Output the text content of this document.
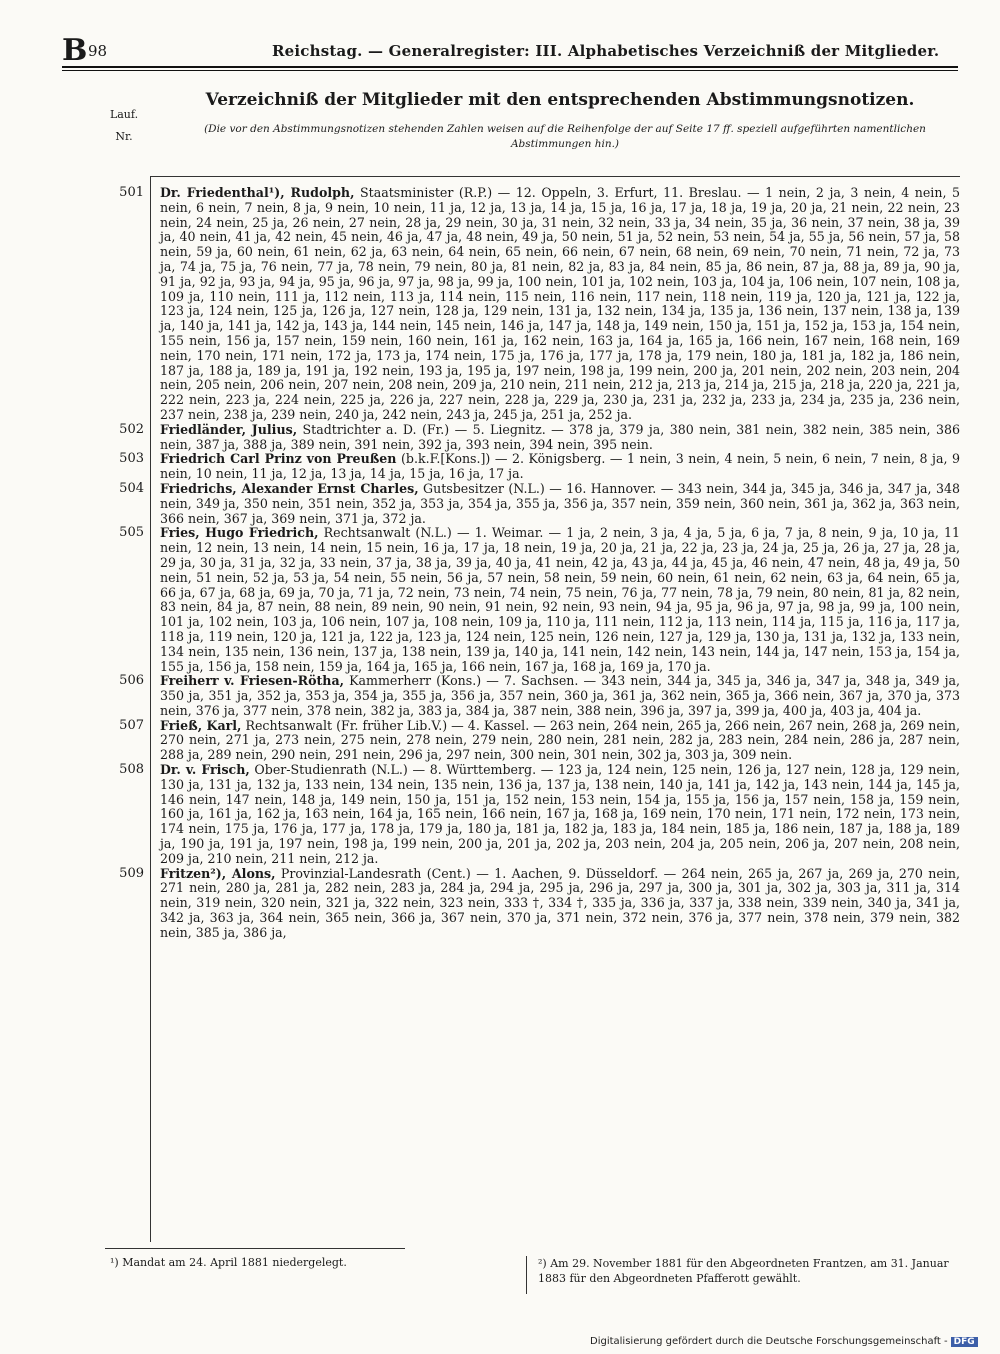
B 98	Reichstag. — Generalregister: III. Alphabetisches Verzeichniß der Mitglieder.
Lauf.
Nr.
Verzeichniß der Mitglieder mit den entsprechenden Abstimmungsnotizen.
(Die vor den Abstimmungsnotizen stehenden Zahlen weisen auf die Reihenfolge der auf Seite 17 ff. speziell aufgeführten namentlichen Abstimmungen hin.)
501 Dr. Friedenthal¹), Rudolph, Staatsminister (R.P.) — 12. Oppeln, 3. Erfurt, 11. Breslau. — 1 nein, 2 ja, 3 nein, 4 nein, 5 nein, 6 nein, 7 nein, 8 ja, 9 nein, 10 nein, 11 ja, 12 ja, 13 ja, 14 ja, 15 ja, 16 ja, 17 ja, 18 ja, 19 ja, 20 ja, 21 nein, 22 nein, 23 nein, 24 nein, 25 ja, 26 nein, 27 nein, 28 ja, 29 nein, 30 ja, 31 nein, 32 nein, 33 ja, 34 nein, 35 ja, 36 nein, 37 nein, 38 ja, 39 ja, 40 nein, 41 ja, 42 nein, 45 nein, 46 ja, 47 ja, 48 nein, 49 ja, 50 nein, 51 ja, 52 nein, 53 nein, 54 ja, 55 ja, 56 nein, 57 ja, 58 nein, 59 ja, 60 nein, 61 nein, 62 ja, 63 nein, 64 nein, 65 nein, 66 nein, 67 nein, 68 nein, 69 nein, 70 nein, 71 nein, 72 ja, 73 ja, 74 ja, 75 ja, 76 nein, 77 ja, 78 nein, 79 nein, 80 ja, 81 nein, 82 ja, 83 ja, 84 nein, 85 ja, 86 nein, 87 ja, 88 ja, 89 ja, 90 ja, 91 ja, 92 ja, 93 ja, 94 ja, 95 ja, 96 ja, 97 ja, 98 ja, 99 ja, 100 nein, 101 ja, 102 nein, 103 ja, 104 ja, 106 nein, 107 nein, 108 ja, 109 ja, 110 nein, 111 ja, 112 nein, 113 ja, 114 nein, 115 nein, 116 nein, 117 nein, 118 nein, 119 ja, 120 ja, 121 ja, 122 ja, 123 ja, 124 nein, 125 ja, 126 ja, 127 nein, 128 ja, 129 nein, 131 ja, 132 nein, 134 ja, 135 ja, 136 nein, 137 nein, 138 ja, 139 ja, 140 ja, 141 ja, 142 ja, 143 ja, 144 nein, 145 nein, 146 ja, 147 ja, 148 ja, 149 nein, 150 ja, 151 ja, 152 ja, 153 ja, 154 nein, 155 nein, 156 ja, 157 nein, 159 nein, 160 nein, 161 ja, 162 nein, 163 ja, 164 ja, 165 ja, 166 nein, 167 nein, 168 nein, 169 nein, 170 nein, 171 nein, 172 ja, 173 ja, 174 nein, 175 ja, 176 ja, 177 ja, 178 ja, 179 nein, 180 ja, 181 ja, 182 ja, 186 nein, 187 ja, 188 ja, 189 ja, 191 ja, 192 nein, 193 ja, 195 ja, 197 nein, 198 ja, 199 nein, 200 ja, 201 nein, 202 nein, 203 nein, 204 nein, 205 nein, 206 nein, 207 nein, 208 nein, 209 ja, 210 nein, 211 nein, 212 ja, 213 ja, 214 ja, 215 ja, 218 ja, 220 ja, 221 ja, 222 nein, 223 ja, 224 nein, 225 ja, 226 ja, 227 nein, 228 ja, 229 ja, 230 ja, 231 ja, 232 ja, 233 ja, 234 ja, 235 ja, 236 nein, 237 nein, 238 ja, 239 nein, 240 ja, 242 nein, 243 ja, 245 ja, 251 ja, 252 ja.
502 Friedländer, Julius, Stadtrichter a. D. (Fr.) — 5. Liegnitz. — 378 ja, 379 ja, 380 nein, 381 nein, 382 nein, 385 nein, 386 nein, 387 ja, 388 ja, 389 nein, 391 nein, 392 ja, 393 nein, 394 nein, 395 nein.
503 Friedrich Carl Prinz von Preußen (b.k.F.[Kons.]) — 2. Königsberg. — 1 nein, 3 nein, 4 nein, 5 nein, 6 nein, 7 nein, 8 ja, 9 nein, 10 nein, 11 ja, 12 ja, 13 ja, 14 ja, 15 ja, 16 ja, 17 ja.
504 Friedrichs, Alexander Ernst Charles, Gutsbesitzer (N.L.) — 16. Hannover. — 343 nein, 344 ja, 345 ja, 346 ja, 347 ja, 348 nein, 349 ja, 350 nein, 351 nein, 352 ja, 353 ja, 354 ja, 355 ja, 356 ja, 357 nein, 359 nein, 360 nein, 361 ja, 362 ja, 363 nein, 366 nein, 367 ja, 369 nein, 371 ja, 372 ja.
505 Fries, Hugo Friedrich, Rechtsanwalt (N.L.) — 1. Weimar. — 1 ja, 2 nein, 3 ja, 4 ja, 5 ja, 6 ja, 7 ja, 8 nein, 9 ja, 10 ja, 11 nein, 12 nein, 13 nein, 14 nein, 15 nein, 16 ja, 17 ja, 18 nein, 19 ja, 20 ja, 21 ja, 22 ja, 23 ja, 24 ja, 25 ja, 26 ja, 27 ja, 28 ja, 29 ja, 30 ja, 31 ja, 32 ja, 33 nein, 37 ja, 38 ja, 39 ja, 40 ja, 41 nein, 42 ja, 43 ja, 44 ja, 45 ja, 46 nein, 47 nein, 48 ja, 49 ja, 50 nein, 51 nein, 52 ja, 53 ja, 54 nein, 55 nein, 56 ja, 57 nein, 58 nein, 59 nein, 60 nein, 61 nein, 62 nein, 63 ja, 64 nein, 65 ja, 66 ja, 67 ja, 68 ja, 69 ja, 70 ja, 71 ja, 72 nein, 73 nein, 74 nein, 75 nein, 76 ja, 77 nein, 78 ja, 79 nein, 80 nein, 81 ja, 82 nein, 83 nein, 84 ja, 87 nein, 88 nein, 89 nein, 90 nein, 91 nein, 92 nein, 93 nein, 94 ja, 95 ja, 96 ja, 97 ja, 98 ja, 99 ja, 100 nein, 101 ja, 102 nein, 103 ja, 106 nein, 107 ja, 108 nein, 109 ja, 110 ja, 111 nein, 112 ja, 113 nein, 114 ja, 115 ja, 116 ja, 117 ja, 118 ja, 119 nein, 120 ja, 121 ja, 122 ja, 123 ja, 124 nein, 125 nein, 126 nein, 127 ja, 129 ja, 130 ja, 131 ja, 132 ja, 133 nein, 134 nein, 135 nein, 136 nein, 137 ja, 138 nein, 139 ja, 140 ja, 141 nein, 142 nein, 143 nein, 144 ja, 147 nein, 153 ja, 154 ja, 155 ja, 156 ja, 158 nein, 159 ja, 164 ja, 165 ja, 166 nein, 167 ja, 168 ja, 169 ja, 170 ja.
506 Freiherr v. Friesen-Rötha, Kammerherr (Kons.) — 7. Sachsen. — 343 nein, 344 ja, 345 ja, 346 ja, 347 ja, 348 ja, 349 ja, 350 ja, 351 ja, 352 ja, 353 ja, 354 ja, 355 ja, 356 ja, 357 nein, 360 ja, 361 ja, 362 nein, 365 ja, 366 nein, 367 ja, 370 ja, 373 nein, 376 ja, 377 nein, 378 nein, 382 ja, 383 ja, 384 ja, 387 nein, 388 nein, 396 ja, 397 ja, 399 ja, 400 ja, 403 ja, 404 ja.
507 Frieß, Karl, Rechtsanwalt (Fr. früher Lib.V.) — 4. Kassel. — 263 nein, 264 nein, 265 ja, 266 nein, 267 nein, 268 ja, 269 nein, 270 nein, 271 ja, 273 nein, 275 nein, 278 nein, 279 nein, 280 nein, 281 nein, 282 ja, 283 nein, 284 nein, 286 ja, 287 nein, 288 ja, 289 nein, 290 nein, 291 nein, 296 ja, 297 nein, 300 nein, 301 nein, 302 ja, 303 ja, 309 nein.
508 Dr. v. Frisch, Ober-Studienrath (N.L.) — 8. Württemberg. — 123 ja, 124 nein, 125 nein, 126 ja, 127 nein, 128 ja, 129 nein, 130 ja, 131 ja, 132 ja, 133 nein, 134 nein, 135 nein, 136 ja, 137 ja, 138 nein, 140 ja, 141 ja, 142 ja, 143 nein, 144 ja, 145 ja, 146 nein, 147 nein, 148 ja, 149 nein, 150 ja, 151 ja, 152 nein, 153 nein, 154 ja, 155 ja, 156 ja, 157 nein, 158 ja, 159 nein, 160 ja, 161 ja, 162 ja, 163 nein, 164 ja, 165 nein, 166 nein, 167 ja, 168 ja, 169 nein, 170 nein, 171 nein, 172 nein, 173 nein, 174 nein, 175 ja, 176 ja, 177 ja, 178 ja, 179 ja, 180 ja, 181 ja, 182 ja, 183 ja, 184 nein, 185 ja, 186 nein, 187 ja, 188 ja, 189 ja, 190 ja, 191 ja, 197 nein, 198 ja, 199 nein, 200 ja, 201 ja, 202 ja, 203 nein, 204 ja, 205 nein, 206 ja, 207 nein, 208 nein, 209 ja, 210 nein, 211 nein, 212 ja.
509 Fritzen²), Alons, Provinzial-Landesrath (Cent.) — 1. Aachen, 9. Düsseldorf. — 264 nein, 265 ja, 267 ja, 269 ja, 270 nein, 271 nein, 280 ja, 281 ja, 282 nein, 283 ja, 284 ja, 294 ja, 295 ja, 296 ja, 297 ja, 300 ja, 301 ja, 302 ja, 303 ja, 311 ja, 314 nein, 319 nein, 320 nein, 321 ja, 322 nein, 323 nein, 333 †, 334 †, 335 ja, 336 ja, 337 ja, 338 nein, 339 nein, 340 ja, 341 ja, 342 ja, 363 ja, 364 nein, 365 nein, 366 ja, 367 nein, 370 ja, 371 nein, 372 nein, 376 ja, 377 nein, 378 nein, 379 nein, 382 nein, 385 ja, 386 ja,
¹) Mandat am 24. April 1881 niedergelegt.	²) Am 29. November 1881 für den Abgeordneten Frantzen, am 31. Januar 1883 für den Abgeordneten Pfafferott gewählt.
Digitalisierung gefördert durch die Deutsche Forschungsgemeinschaft - DFG
